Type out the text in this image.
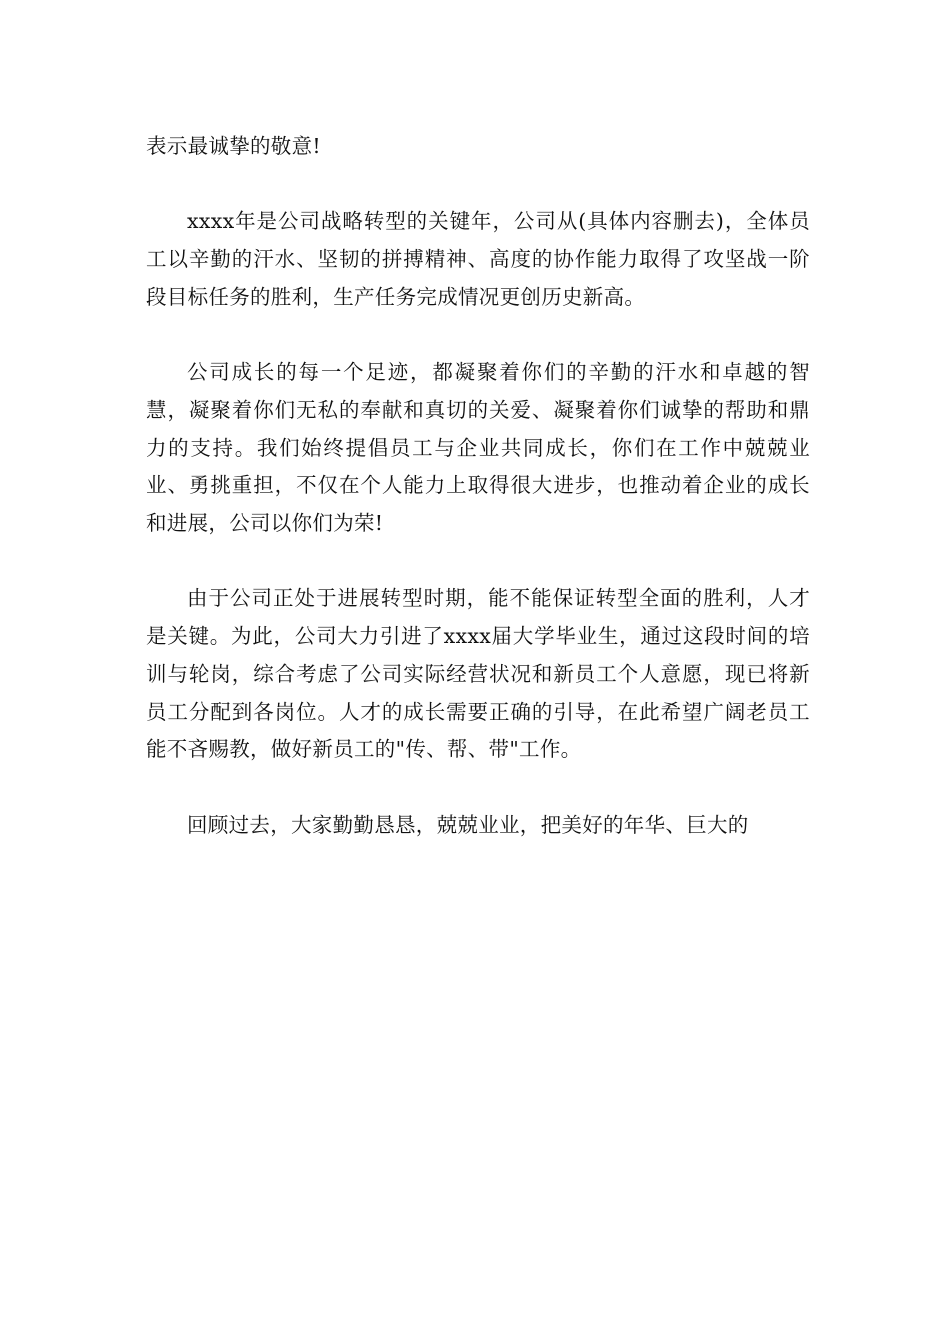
表示最诚挚的敬意!

xxxx年是公司战略转型的关键年，公司从(具体内容删去)，全体员工以辛勤的汗水、坚韧的拼搏精神、高度的协作能力取得了攻坚战一阶段目标任务的胜利，生产任务完成情况更创历史新高。

公司成长的每一个足迹，都凝聚着你们的辛勤的汗水和卓越的智慧，凝聚着你们无私的奉献和真切的关爱、凝聚着你们诚挚的帮助和鼎力的支持。我们始终提倡员工与企业共同成长，你们在工作中兢兢业业、勇挑重担，不仅在个人能力上取得很大进步，也推动着企业的成长和进展，公司以你们为荣!

由于公司正处于进展转型时期，能不能保证转型全面的胜利，人才是关键。为此，公司大力引进了xxxx届大学毕业生，通过这段时间的培训与轮岗，综合考虑了公司实际经营状况和新员工个人意愿，现已将新员工分配到各岗位。人才的成长需要正确的引导，在此希望广阔老员工能不吝赐教，做好新员工的"传、帮、带"工作。

回顾过去，大家勤勤恳恳，兢兢业业，把美好的年华、巨大的
